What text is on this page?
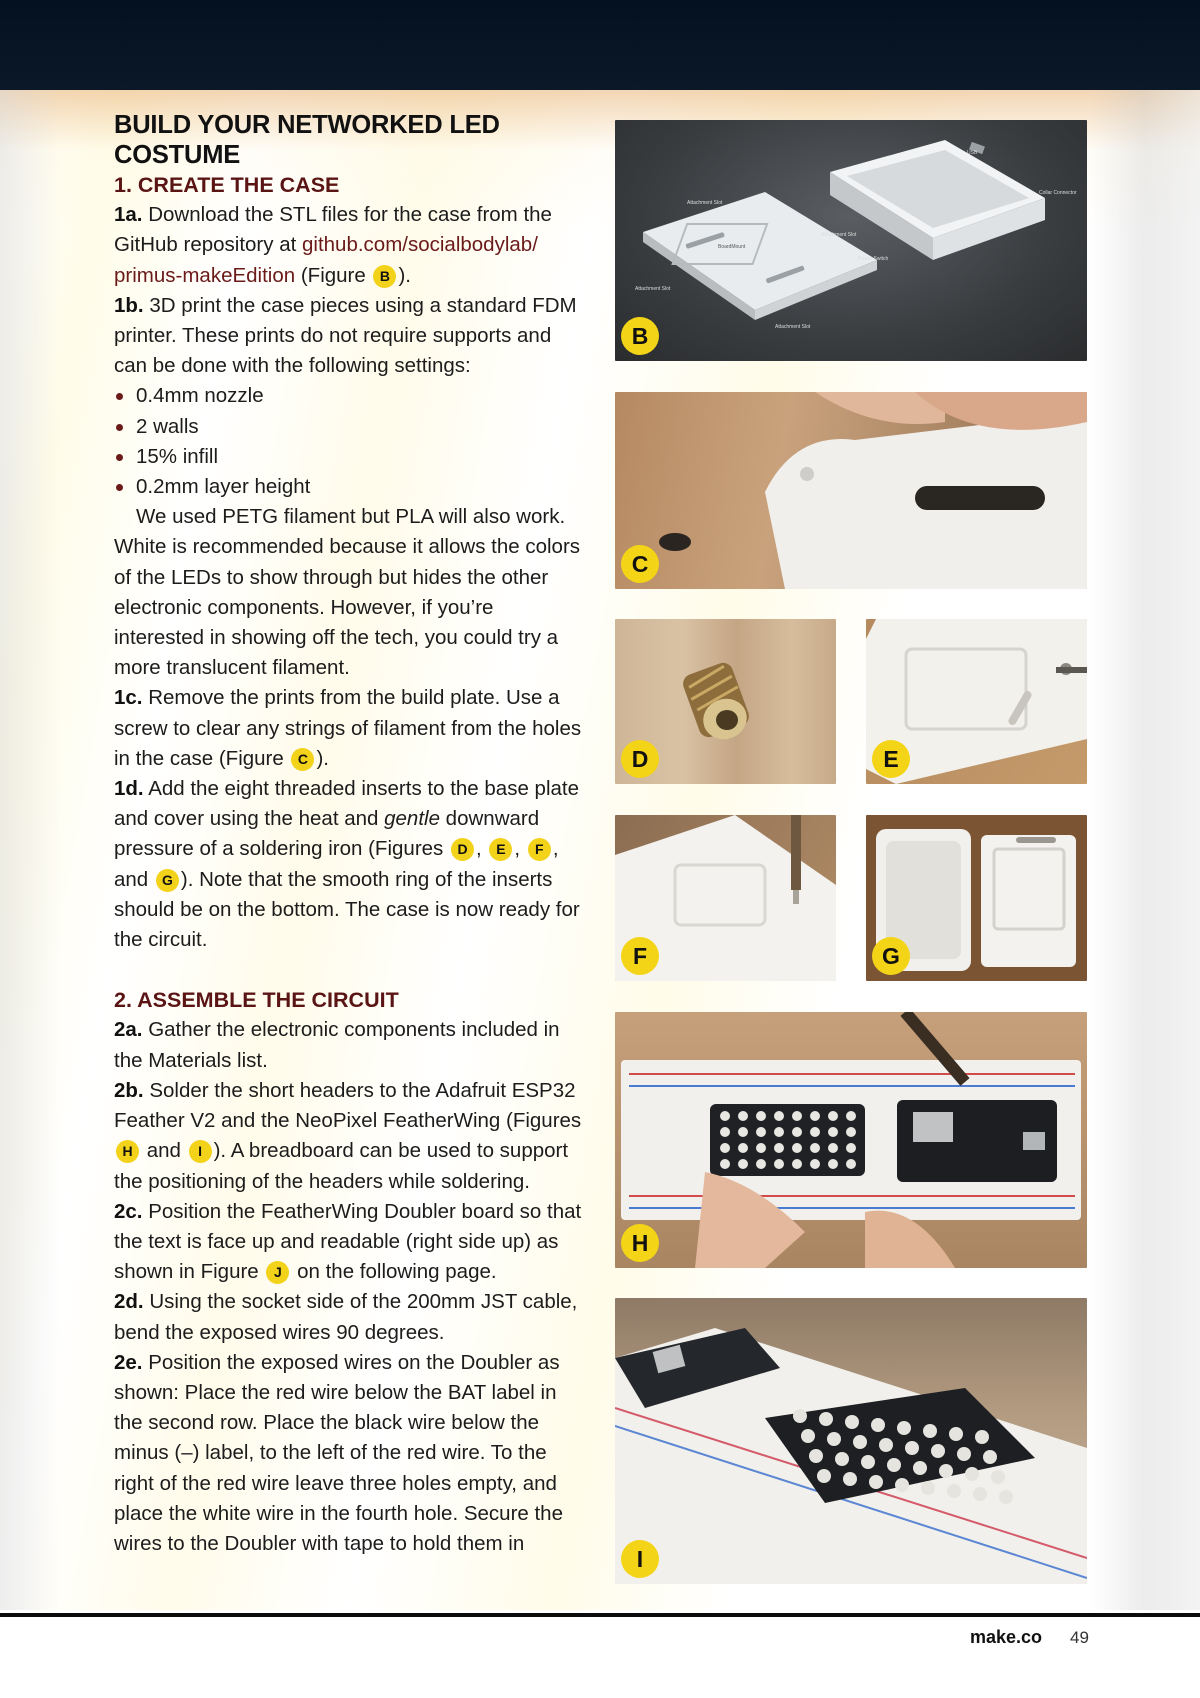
BUILD YOUR NETWORKED LED COSTUME
1. CREATE THE CASE

1a. Download the STL files for the case from the GitHub repository at github.com/socialbodylab/ primus-makeEdition (Figure B ).

1b. 3D print the case pieces using a standard FDM printer. These prints do not require supports and can be done with the following settings:

0.4mm nozzle
2 walls
15% infill
0.2mm layer height

We used PETG filament but PLA will also work. White is recommended because it allows the colors of the LEDs to show through but hides the other electronic components. However, if you’re interested in showing off the tech, you could try a more translucent filament.

1c. Remove the prints from the build plate. Use a screw to clear any strings of filament from the holes in the case (Figure C ).

1d. Add the eight threaded inserts to the base plate and cover using the heat and gentle downward pressure of a soldering iron (Figures D , E , F , and G ). Note that the smooth ring of the inserts should be on the bottom. The case is now ready for the circuit.

2. ASSEMBLE THE CIRCUIT

2a. Gather the electronic components included in the Materials list.

2b. Solder the short headers to the Adafruit ESP32 Feather V2 and the NeoPixel FeatherWing (Figures H and I ). A breadboard can be used to support the positioning of the headers while soldering.

2c. Position the FeatherWing Doubler board so that the text is face up and readable (right side up) as shown in Figure J on the following page.

2d. Using the socket side of the 200mm JST cable, bend the exposed wires 90 degrees.

2e. Position the exposed wires on the Doubler as shown: Place the red wire below the BAT label in the second row. Place the black wire below the minus (–) label, to the left of the red wire. To the right of the red wire leave three holes empty, and place the white wire in the fourth hole. Secure the wires to the Doubler with tape to hold them in

Attachment Slot
USB
Collar Connector
Attachment Slot
Power Switch
Attachment Slot
Attachment Slot
BoardMount
B
C
D	E
F	G
H
I
make.co 49
